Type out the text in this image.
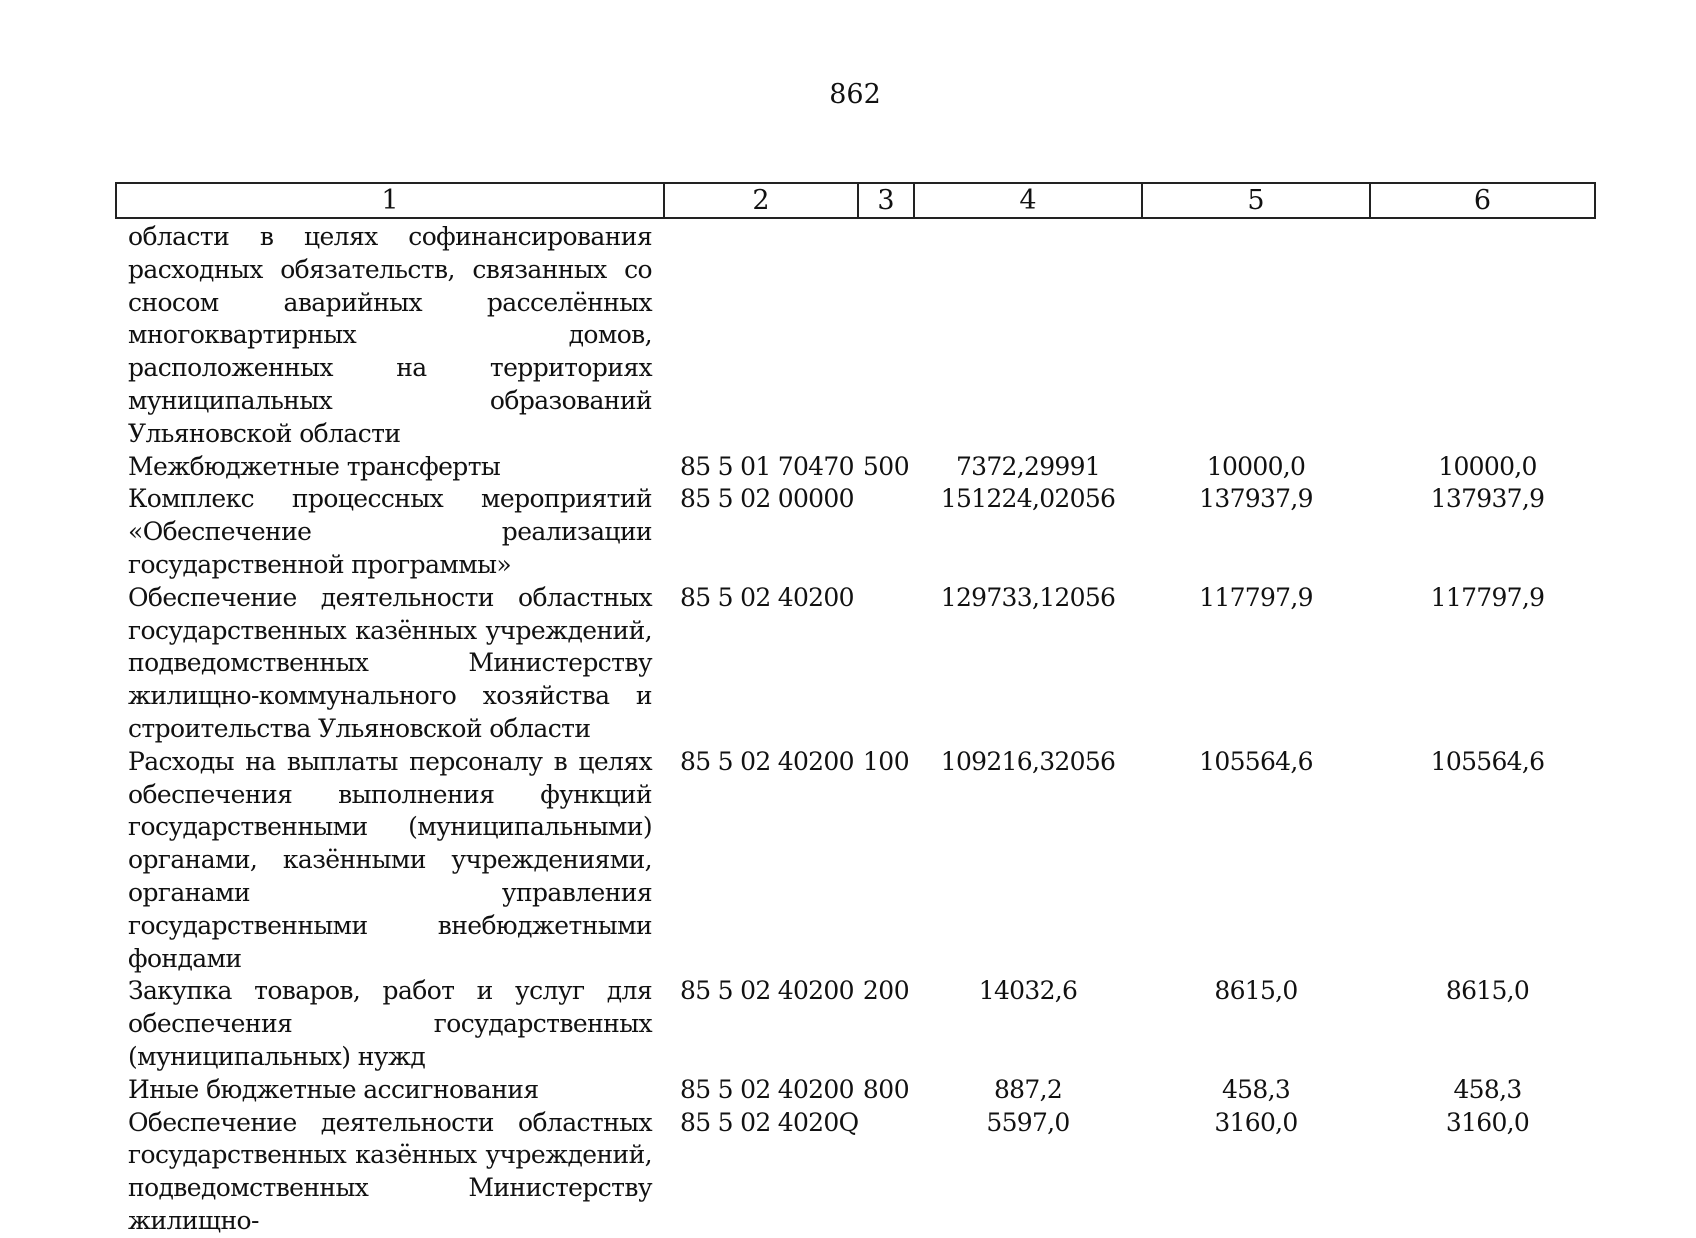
862
1	2	3	4	5	6
области в целях софинансирования расходных обязательств, связанных со сносом аварийных расселённых многоквартирных домов, расположенных на территориях муниципальных образований Ульяновской области					
Межбюджетные трансферты	85 5 01 70470	500	7372,29991	10000,0	10000,0
Комплекс процессных мероприятий «Обеспечение реализации государственной программы»	85 5 02 00000		151224,02056	137937,9	137937,9
Обеспечение деятельности областных государственных казённых учреждений, подведомственных Министерству жилищно-коммунального хозяйства и строительства Ульяновской области	85 5 02 40200		129733,12056	117797,9	117797,9
Расходы на выплаты персоналу в целях обеспечения выполнения функций государственными (муниципальными) органами, казёнными учреждениями, органами управления государственными внебюджетными фондами	85 5 02 40200	100	109216,32056	105564,6	105564,6
Закупка товаров, работ и услуг для обеспечения государственных (муниципальных) нужд	85 5 02 40200	200	14032,6	8615,0	8615,0
Иные бюджетные ассигнования	85 5 02 40200	800	887,2	458,3	458,3
Обеспечение деятельности областных государственных казённых учреждений, подведомственных Министерству жилищно-	85 5 02 4020Q		5597,0	3160,0	3160,0
